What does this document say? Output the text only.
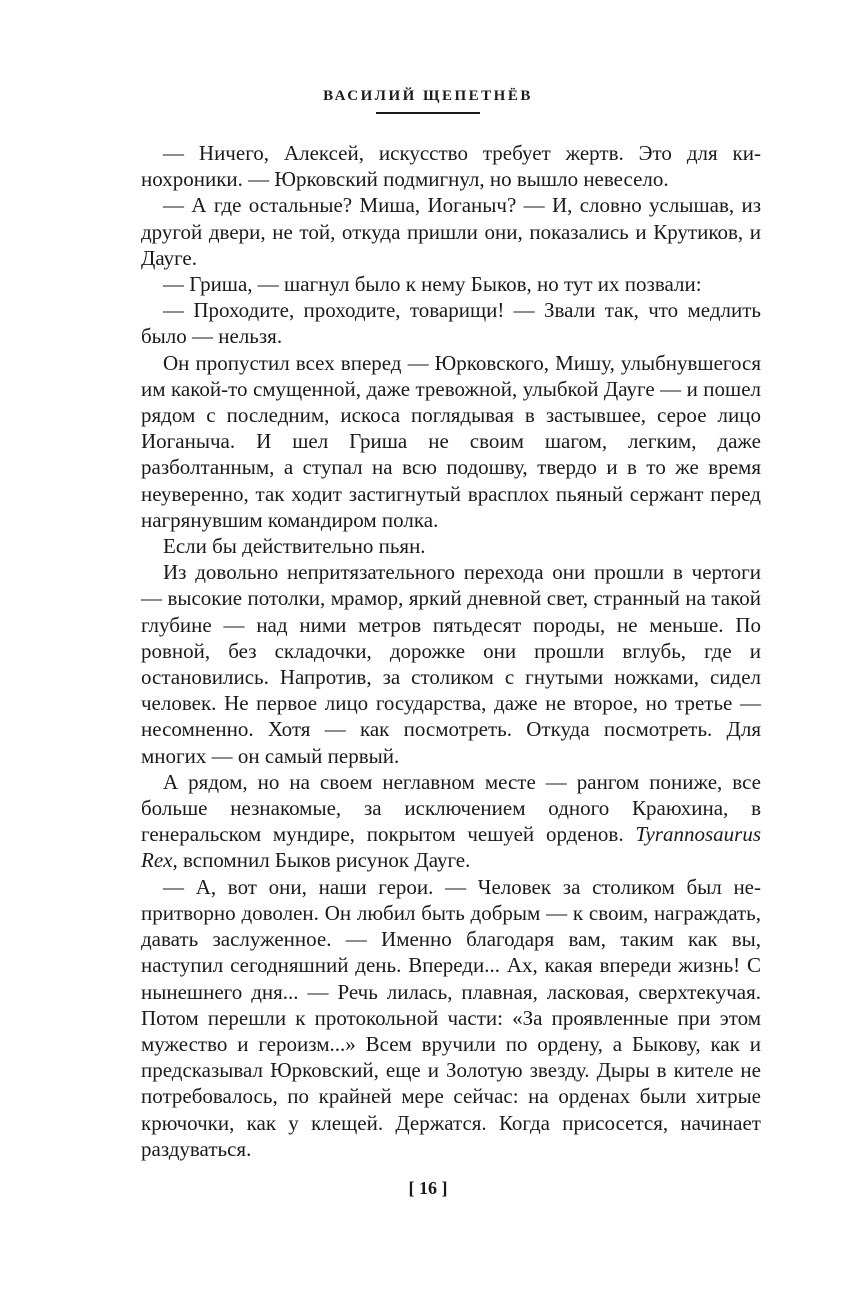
ВАСИЛИЙ ЩЕПЕТНЁВ

— Ничего, Алексей, искусство требует жертв. Это для кинохроники. — Юрковский подмигнул, но вышло невесело.

— А где остальные? Миша, Иоганыч? — И, словно услышав, из другой двери, не той, откуда пришли они, показались и Крутиков, и Дауге.

— Гриша, — шагнул было к нему Быков, но тут их позвали:

— Проходите, проходите, товарищи! — Звали так, что медлить было — нельзя.

Он пропустил всех вперед — Юрковского, Мишу, улыбнувшегося им какой-то смущенной, даже тревожной, улыбкой Дауге — и пошел рядом с последним, искоса поглядывая в застывшее, серое лицо Иоганыча. И шел Гриша не своим шагом, легким, даже разболтанным, а ступал на всю подошву, твердо и в то же время неуверенно, так ходит застигнутый врасплох пьяный сержант перед нагрянувшим командиром полка.

Если бы действительно пьян.

Из довольно непритязательного перехода они прошли в чертоги — высокие потолки, мрамор, яркий дневной свет, странный на такой глубине — над ними метров пятьдесят породы, не меньше. По ровной, без складочки, дорожке они прошли вглубь, где и остановились. Напротив, за столиком с гнутыми ножками, сидел человек. Не первое лицо государства, даже не второе, но третье — несомненно. Хотя — как посмотреть. Откуда посмотреть. Для многих — он самый первый.

А рядом, но на своем неглавном месте — рангом пониже, все больше незнакомые, за исключением одного Краюхина, в генеральском мундире, покрытом чешуей орденов. Tyrannosaurus Rex, вспомнил Быков рисунок Дауге.

— А, вот они, наши герои. — Человек за столиком был непритворно доволен. Он любил быть добрым — к своим, награждать, давать заслуженное. — Именно благодаря вам, таким как вы, наступил сегодняшний день. Впереди... Ах, какая впереди жизнь! С нынешнего дня... — Речь лилась, плавная, ласковая, сверхтекучая. Потом перешли к протокольной части: «За проявленные при этом мужество и героизм...» Всем вручили по ордену, а Быкову, как и предсказывал Юрковский, еще и Золотую звезду. Дыры в кителе не потребовалось, по крайней мере сейчас: на орденах были хитрые крючочки, как у клещей. Держатся. Когда присосется, начинает раздуваться.

[ 16 ]
